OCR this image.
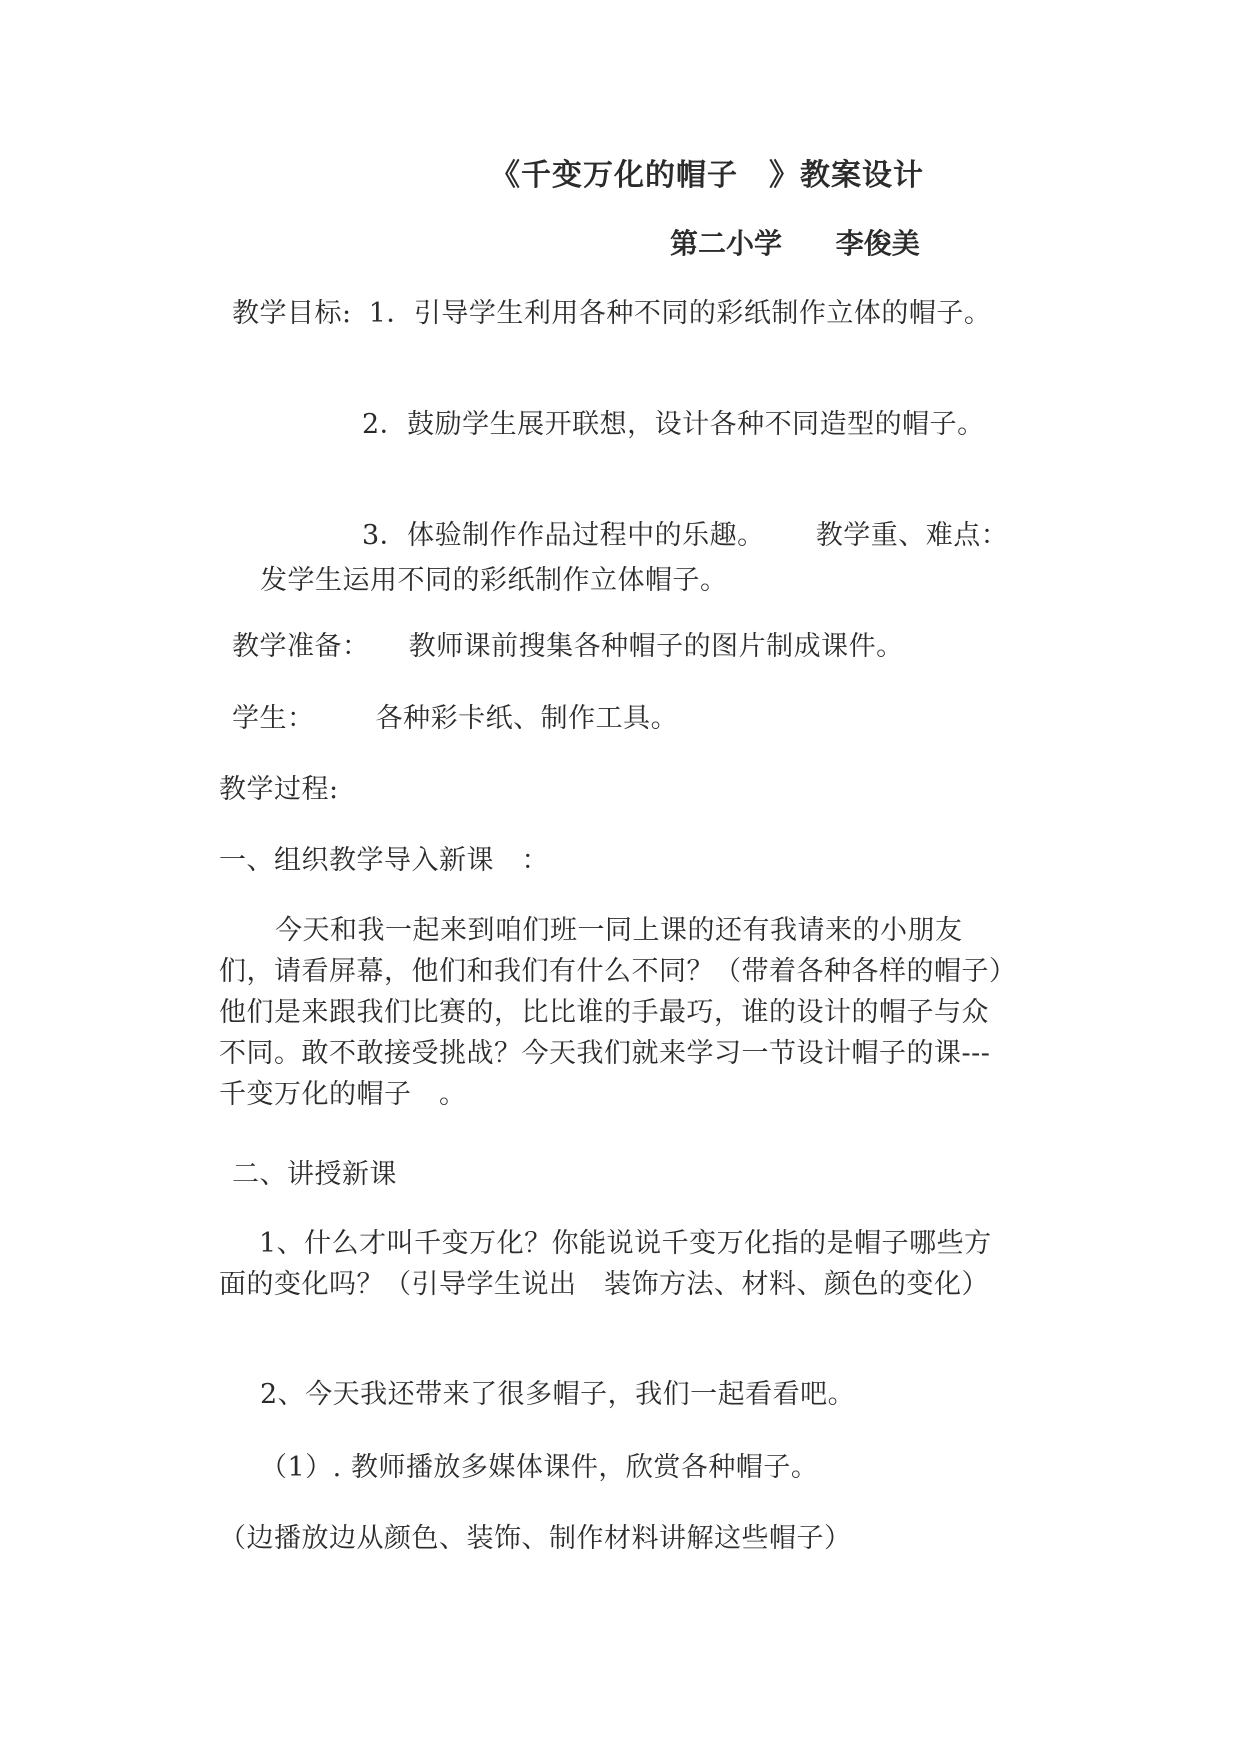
《千变万化的帽子　》教案设计
第二小学 李俊美
教学目标: 1．引导学生利用各种不同的彩纸制作立体的帽子。
2．鼓励学生展开联想，设计各种不同造型的帽子。
3．体验制作作品过程中的乐趣。 教学重、难点：
发学生运用不同的彩纸制作立体帽子。
教学准备： 教师课前搜集各种帽子的图片制成课件。
学生： 各种彩卡纸、制作工具。
教学过程:
一、组织教学导入新课　：
今天和我一起来到咱们班一同上课的还有我请来的小朋友们，请看屏幕，他们和我们有什么不同？（带着各种各样的帽子）他们是来跟我们比赛的，比比谁的手最巧，谁的设计的帽子与众不同。敢不敢接受挑战？今天我们就来学习一节设计帽子的课---千变万化的帽子　。
二、讲授新课
1、什么才叫千变万化？你能说说千变万化指的是帽子哪些方面的变化吗？（引导学生说出　装饰方法、材料、颜色的变化）
2、今天我还带来了很多帽子，我们一起看看吧。
（1）. 教师播放多媒体课件，欣赏各种帽子。
（边播放边从颜色、装饰、制作材料讲解这些帽子）
